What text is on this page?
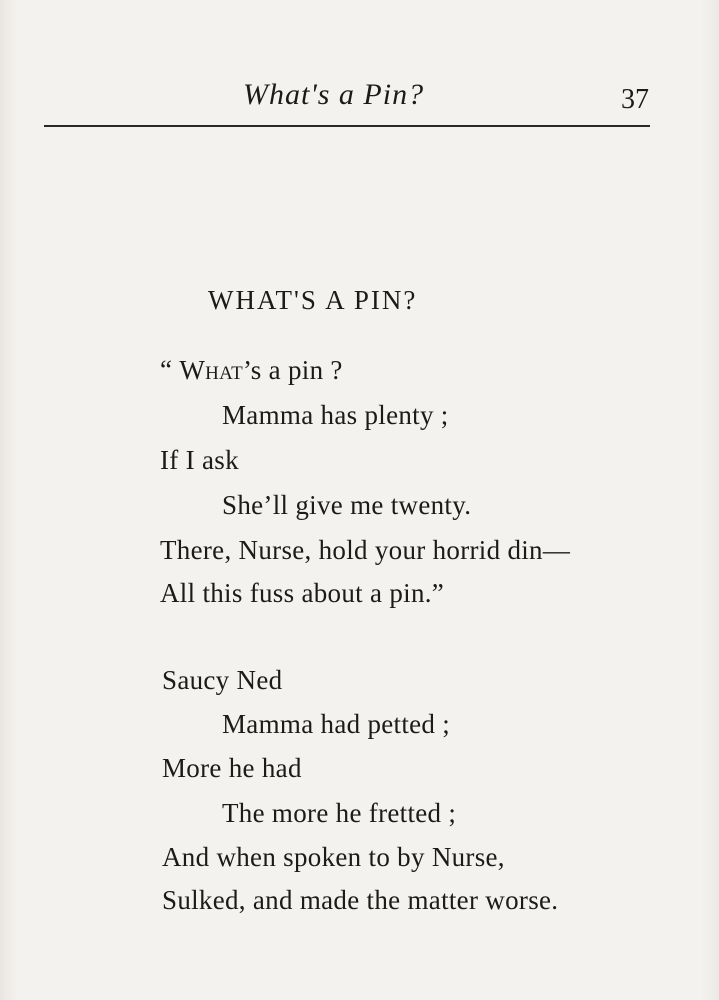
What's a Pin?	37
WHAT'S A PIN?
“ What’s a pin ?
Mamma has plenty ;
If I ask
She’ll give me twenty.
There, Nurse, hold your horrid din—
All this fuss about a pin.”
Saucy Ned
Mamma had petted ;
More he had
The more he fretted ;
And when spoken to by Nurse,
Sulked, and made the matter worse.
